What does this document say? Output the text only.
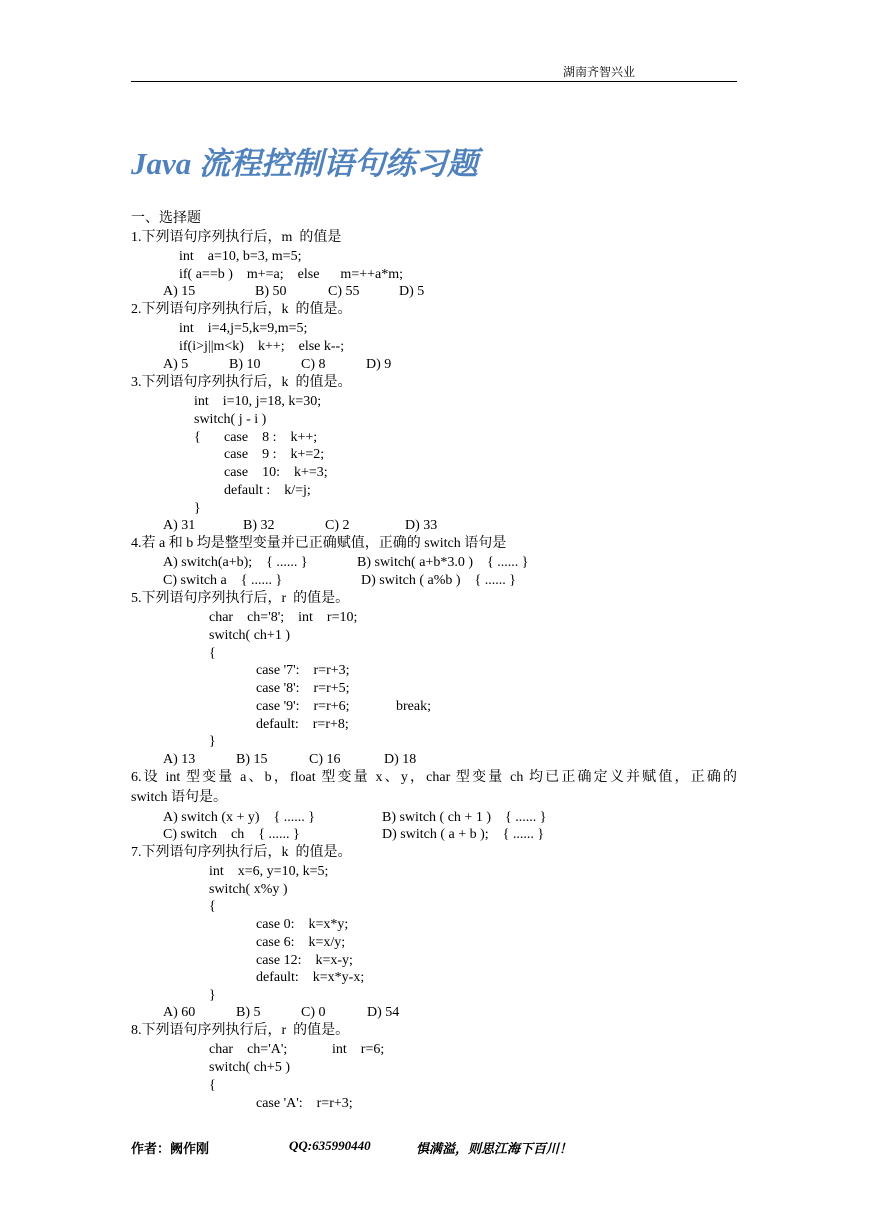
湖南齐智兴业
Java 流程控制语句练习题
一、选择题
1.下列语句序列执行后，m  的值是
int    a=10, b=3, m=5;
if( a==b )    m+=a;    else      m=++a*m;
A) 15	B) 50	C) 55	D) 5
2.下列语句序列执行后，k  的值是。
int    i=4,j=5,k=9,m=5;
if(i>j||m<k)    k++;    else k--;
A) 5	B) 10	C) 8	D) 9
3.下列语句序列执行后，k  的值是。
int    i=10, j=18, k=30;
switch( j - i )
{ case    8 :    k++;
case    9 :    k+=2;
case    10:    k+=3;
default :    k/=j;
}
A) 31	B) 32	C) 2	D) 33
4.若 a 和 b 均是整型变量并已正确赋值，正确的 switch 语句是
A) switch(a+b);    { ...... }	B) switch( a+b*3.0 )    { ...... }
C) switch a    { ...... }	D) switch ( a%b )    { ...... }
5.下列语句序列执行后，r  的值是。
char    ch='8';    int    r=10;
switch( ch+1 )
{
case '7':    r=r+3;
case '8':    r=r+5;
case '9':    r=r+6;	break;
default:    r=r+8;
}
A) 13	B) 15	C) 16	D) 18
6.设 int 型变量 a、b，float 型变量 x、y，char 型变量 ch 均已正确定义并赋值，正确的
switch 语句是。
A) switch (x + y)    { ...... }	B) switch ( ch + 1 )    { ...... }
C) switch    ch    { ...... }	D) switch ( a + b );    { ...... }
7.下列语句序列执行后，k  的值是。
int    x=6, y=10, k=5;
switch( x%y )
{
case 0:    k=x*y;
case 6:    k=x/y;
case 12:    k=x-y;
default:    k=x*y-x;
}
A) 60	B) 5	C) 0	D) 54
8.下列语句序列执行后，r  的值是。
char    ch='A';	int    r=6;
switch( ch+5 )
{
case 'A':    r=r+3;
作者：阙作刚	QQ:635990440	惧满溢，则思江海下百川！
